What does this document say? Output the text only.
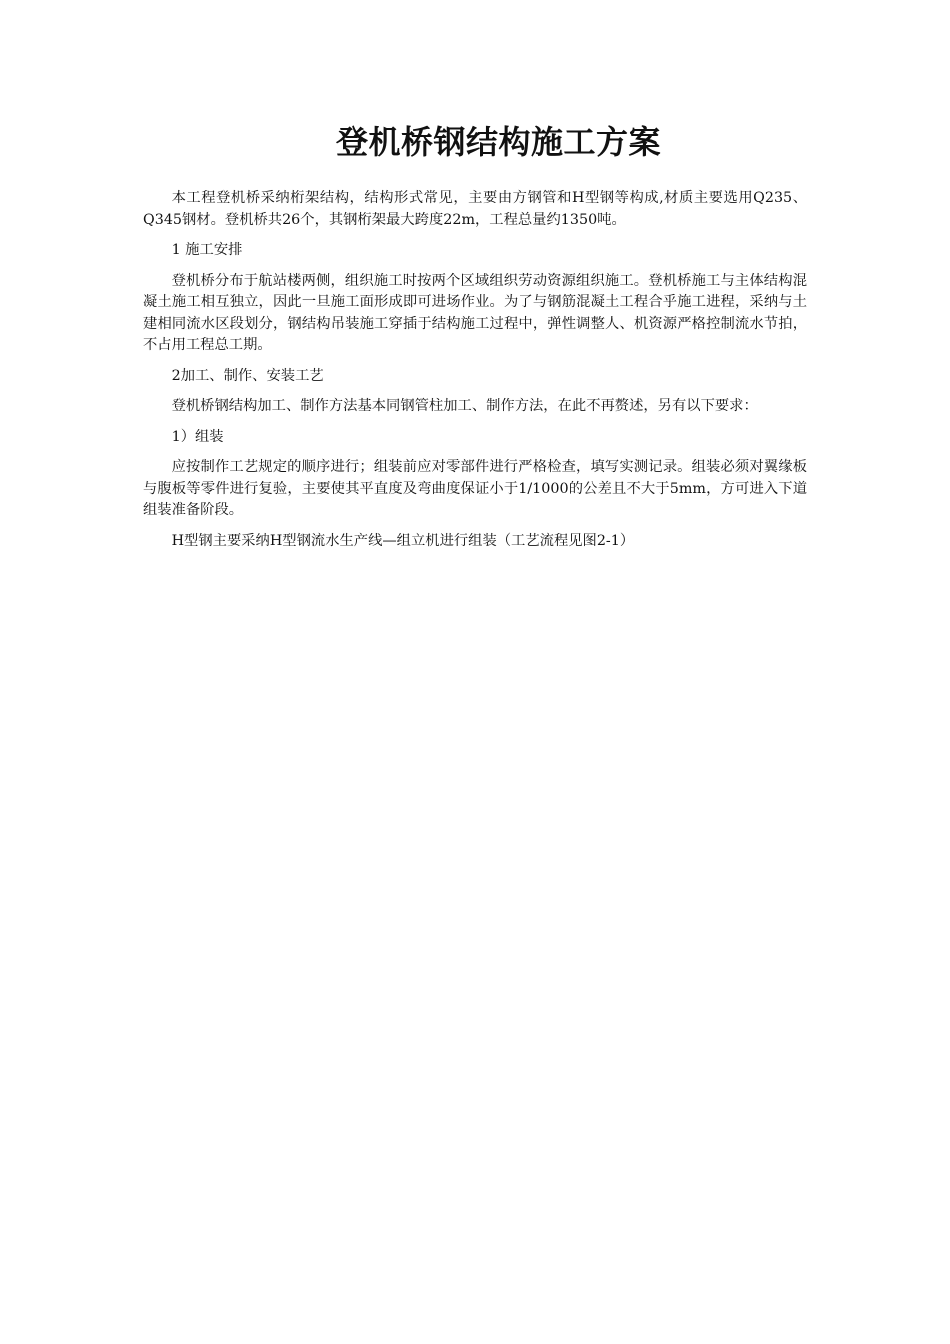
登机桥钢结构施工方案

本工程登机桥采纳桁架结构，结构形式常见，主要由方钢管和H型钢等构成,材质主要选用Q235、Q345钢材。登机桥共26个，其钢桁架最大跨度22m，工程总量约1350吨。

1 施工安排

登机桥分布于航站楼两侧，组织施工时按两个区域组织劳动资源组织施工。登机桥施工与主体结构混凝土施工相互独立，因此一旦施工面形成即可进场作业。为了与钢筋混凝土工程合乎施工进程，采纳与土建相同流水区段划分，钢结构吊装施工穿插于结构施工过程中，弹性调整人、机资源严格控制流水节拍，不占用工程总工期。

2加工、制作、安装工艺

登机桥钢结构加工、制作方法基本同钢管柱加工、制作方法，在此不再赘述，另有以下要求：

1）组装

应按制作工艺规定的顺序进行；组装前应对零部件进行严格检查，填写实测记录。组装必须对翼缘板与腹板等零件进行复验，主要使其平直度及弯曲度保证小于1/1000的公差且不大于5mm，方可进入下道组装准备阶段。

H型钢主要采纳H型钢流水生产线—组立机进行组装（工艺流程见图2-1）
